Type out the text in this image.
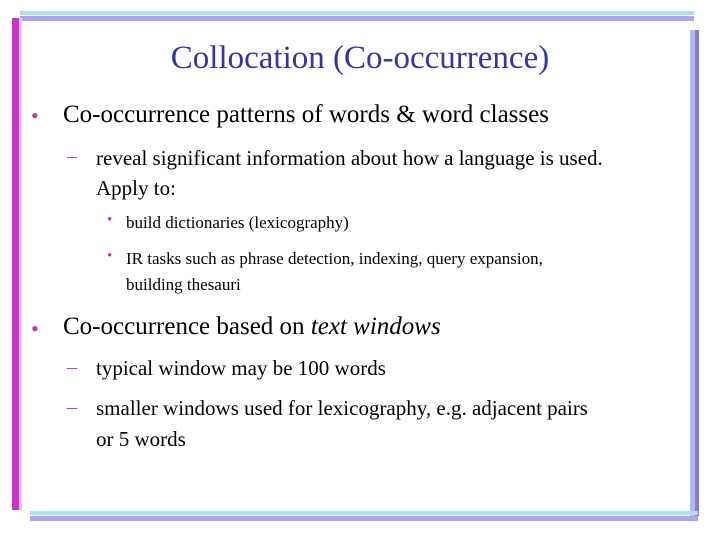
Collocation (Co-occurrence)
• Co-occurrence patterns of words & word classes
– reveal significant information about how a language is used.
Apply to:
• build dictionaries (lexicography)
• IR tasks such as phrase detection, indexing, query expansion,
building thesauri
• Co-occurrence based on text windows
– typical window may be 100 words
– smaller windows used for lexicography, e.g. adjacent pairs
or 5 words
